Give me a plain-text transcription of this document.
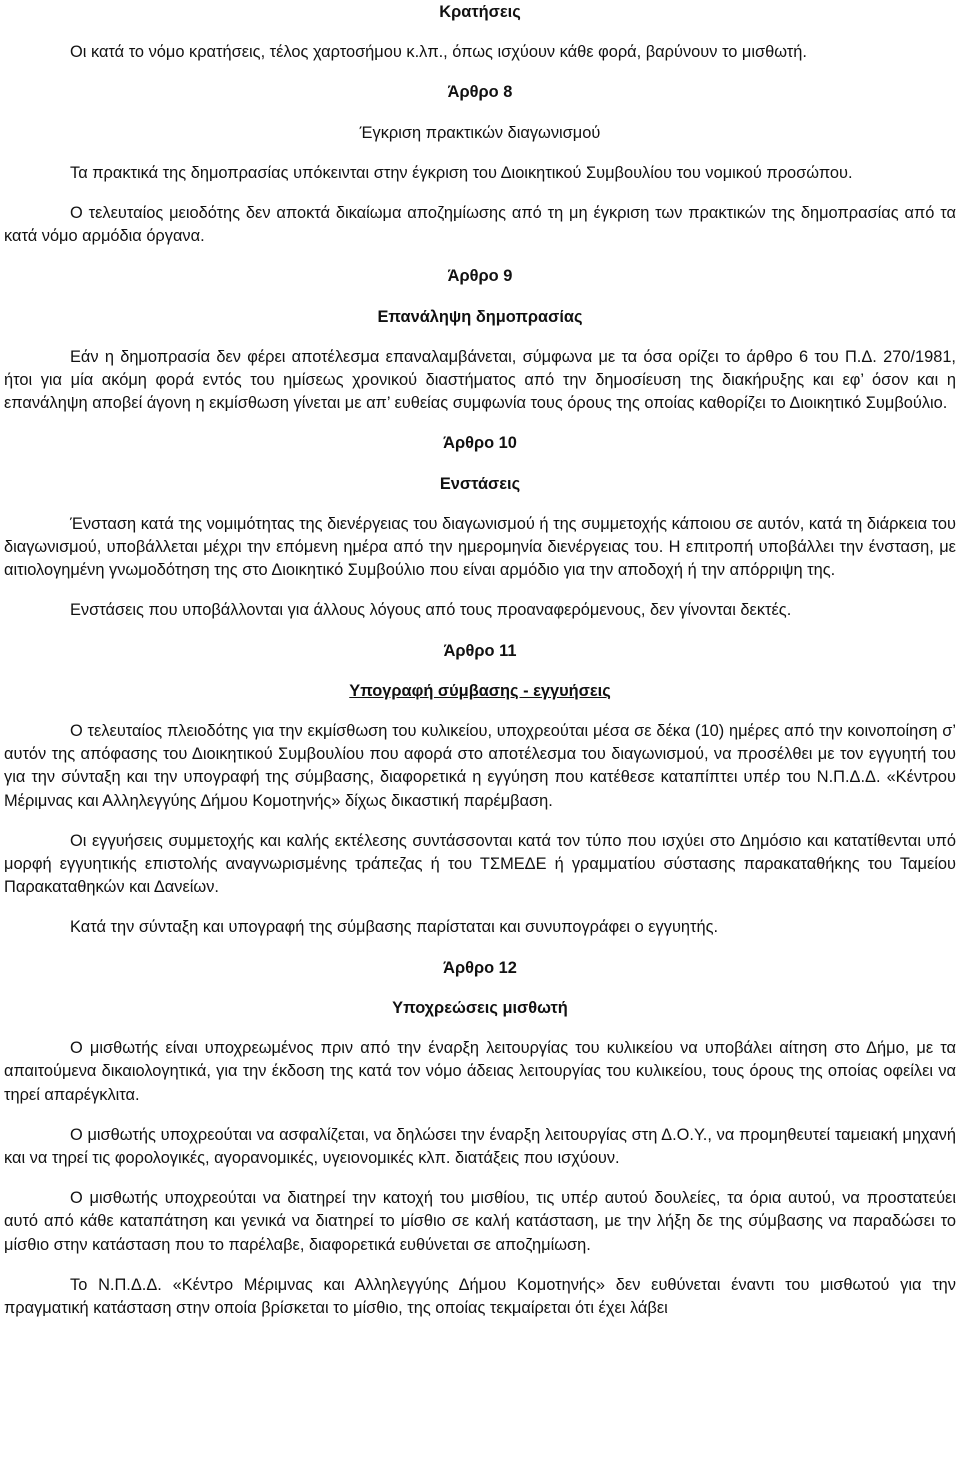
Κρατήσεις

Οι κατά το νόμο κρατήσεις, τέλος χαρτοσήμου κ.λπ., όπως ισχύουν κάθε φορά, βαρύνουν το μισθωτή.

Άρθρο 8

Έγκριση πρακτικών διαγωνισμού

Τα πρακτικά της δημοπρασίας υπόκεινται στην έγκριση του Διοικητικού Συμβουλίου του νομικού προσώπου.

Ο τελευταίος μειοδότης δεν αποκτά δικαίωμα αποζημίωσης από τη μη έγκριση των πρακτικών της δημοπρασίας από τα κατά νόμο αρμόδια όργανα.

Άρθρο 9

Επανάληψη δημοπρασίας

Εάν η δημοπρασία δεν φέρει αποτέλεσμα επαναλαμβάνεται, σύμφωνα με τα όσα ορίζει το άρθρο 6 του Π.Δ. 270/1981, ήτοι για μία ακόμη φορά εντός του ημίσεως χρονικού διαστήματος από την δημοσίευση της διακήρυξης και εφ’ όσον και η επανάληψη αποβεί άγονη η εκμίσθωση γίνεται με απ’ ευθείας συμφωνία τους όρους της οποίας καθορίζει το Διοικητικό Συμβούλιο.

Άρθρο 10

Ενστάσεις

Ένσταση κατά της νομιμότητας της διενέργειας του διαγωνισμού ή της συμμετοχής κάποιου σε αυτόν, κατά τη διάρκεια του διαγωνισμού, υποβάλλεται μέχρι την επόμενη ημέρα από την ημερομηνία διενέργειας του. Η επιτροπή υποβάλλει την ένσταση, με αιτιολογημένη γνωμοδότηση της στο Διοικητικό Συμβούλιο που είναι αρμόδιο για την αποδοχή ή την απόρριψη της.

Ενστάσεις που υποβάλλονται για άλλους λόγους από τους προαναφερόμενους, δεν γίνονται δεκτές.

Άρθρο 11

Υπογραφή σύμβασης - εγγυήσεις

Ο τελευταίος πλειοδότης για την εκμίσθωση του κυλικείου, υποχρεούται μέσα σε δέκα (10) ημέρες από την κοινοποίηση σ’ αυτόν της απόφασης του Διοικητικού Συμβουλίου που αφορά στο αποτέλεσμα του διαγωνισμού, να προσέλθει με τον εγγυητή του για την σύνταξη και την υπογραφή της σύμβασης, διαφορετικά η εγγύηση που κατέθεσε καταπίπτει υπέρ του Ν.Π.Δ.Δ. «Κέντρου Μέριμνας και Αλληλεγγύης Δήμου Κομοτηνής» δίχως δικαστική παρέμβαση.

Οι εγγυήσεις συμμετοχής και καλής εκτέλεσης συντάσσονται κατά τον τύπο που ισχύει στο Δημόσιο και κατατίθενται υπό μορφή εγγυητικής επιστολής αναγνωρισμένης τράπεζας ή του ΤΣΜΕΔΕ ή γραμματίου σύστασης παρακαταθήκης του Ταμείου Παρακαταθηκών και Δανείων.

Κατά την σύνταξη και υπογραφή της σύμβασης παρίσταται και συνυπογράφει ο εγγυητής.

Άρθρο 12

Υποχρεώσεις μισθωτή

Ο μισθωτής είναι υποχρεωμένος πριν από την έναρξη λειτουργίας του κυλικείου να υποβάλει αίτηση στο Δήμο, με τα απαιτούμενα δικαιολογητικά, για την έκδοση της κατά τον νόμο άδειας λειτουργίας του κυλικείου, τους όρους της οποίας οφείλει να τηρεί απαρέγκλιτα.

Ο μισθωτής υποχρεούται να ασφαλίζεται, να δηλώσει την έναρξη λειτουργίας στη Δ.Ο.Υ., να προμηθευτεί ταμειακή μηχανή και να τηρεί τις φορολογικές, αγορανομικές, υγειονομικές κλπ. διατάξεις που ισχύουν.

Ο μισθωτής υποχρεούται να διατηρεί την κατοχή του μισθίου, τις υπέρ αυτού δουλείες, τα όρια αυτού, να προστατεύει αυτό από κάθε καταπάτηση και γενικά να διατηρεί το μίσθιο σε καλή κατάσταση, με την λήξη δε της σύμβασης να παραδώσει το μίσθιο στην κατάσταση που το παρέλαβε, διαφορετικά ευθύνεται σε αποζημίωση.

Το Ν.Π.Δ.Δ. «Κέντρο Μέριμνας και Αλληλεγγύης Δήμου Κομοτηνής» δεν ευθύνεται έναντι του μισθωτού για την πραγματική κατάσταση στην οποία βρίσκεται το μίσθιο, της οποίας τεκμαίρεται ότι έχει λάβει
